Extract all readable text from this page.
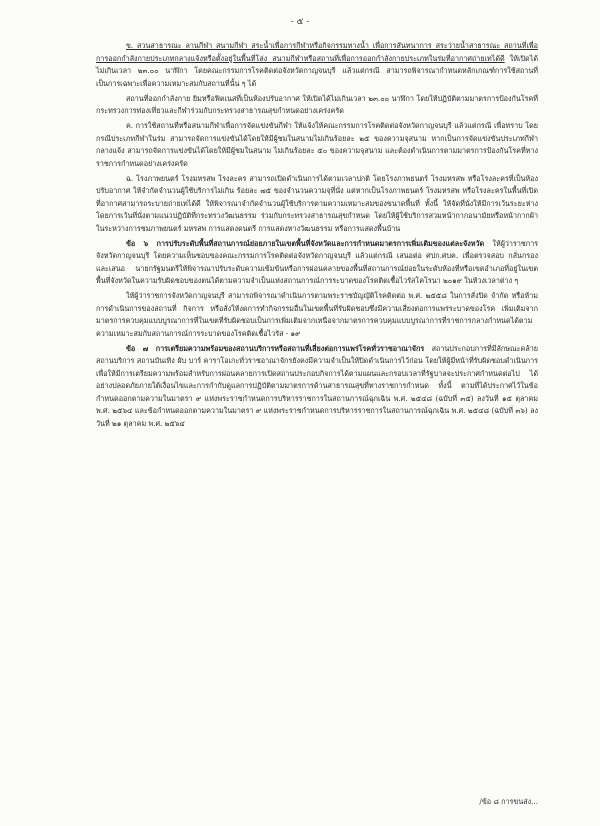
- ๕ -

ข. สวนสาธารณะ ลานกีฬา สนามกีฬา สระน้ำเพื่อการกีฬาหรือกิจกรรมทางน้ำ เพื่อการสันทนาการ สระว่ายน้ำสาธารณะ สถานที่เพื่อการออกกำลังกายประเภทกลางแจ้งหรือตั้งอยู่ในพื้นที่โล่ง สนามกีฬาหรือสถานที่เพื่อการออกกำลังกายประเภทในร่มที่อากาศถ่ายเทได้ดี ให้เปิดได้ไม่เกินเวลา ๒๓.๐๐ นาฬิกา โดยคณะกรรมการโรคติดต่อจังหวัดกาญจนบุรี แล้วแต่กรณี สามารถพิจารณากำหนดหลักเกณฑ์การใช้สถานที่เป็นการเฉพาะเพื่อความเหมาะสมกับสถานที่นั้น ๆ ได้

สถานที่ออกกำลังกาย ยิมหรือฟิตเนสที่เป็นห้องปรับอากาศ ให้เปิดได้ไม่เกินเวลา ๒๓.๐๐ นาฬิกา โดยให้ปฏิบัติตามมาตรการป้องกันโรคที่กระทรวงการท่องเที่ยวและกีฬาร่วมกับกระทรวงสาธารณสุขกำหนดอย่างเคร่งครัด

ค. การใช้สถานที่หรือสนามกีฬาเพื่อการจัดแข่งขันกีฬา ให้แจ้งให้คณะกรรมการโรคติดต่อจังหวัดกาญจนบุรี แล้วแต่กรณี เพื่อทราบ โดยกรณีประเภทกีฬาในร่ม สามารถจัดการแข่งขันได้โดยให้มีผู้ชมในสนามไม่เกินร้อยละ ๒๕ ของความจุสนาม หากเป็นการจัดแข่งขันประเภทกีฬากลางแจ้ง สามารถจัดการแข่งขันได้โดยให้มีผู้ชมในสนาม ไม่เกินร้อยละ ๕๐ ของความจุสนาม และต้องดำเนินการตามมาตรการป้องกันโรคที่ทางราชการกำหนดอย่างเคร่งครัด

ฉ. โรงภาพยนตร์ โรงมหรสพ โรงละคร สามารถเปิดดำเนินการได้ตามเวลาปกติ โดยโรงภาพยนตร์ โรงมหรสพ หรือโรงละครที่เป็นห้องปรับอากาศ ให้จำกัดจำนวนผู้ใช้บริการไม่เกิน ร้อยละ ๗๕ ของจำนวนความจุที่นั่ง แต่หากเป็นโรงภาพยนตร์ โรงมหรสพ หรือโรงละครในพื้นที่เปิดที่อากาศสามารถระบายถ่ายเทได้ดี ให้พิจารณาจำกัดจำนวนผู้ใช้บริการตามความเหมาะสมของขนาดพื้นที่ ทั้งนี้ ให้จัดที่นั่งให้มีการเว้นระยะห่างโดยการเว้นที่นั่งตามแนวปฏิบัติที่กระทรวงวัฒนธรรม ร่วมกับกระทรวงสาธารณสุขกำหนด โดยให้ผู้ใช้บริการสวมหน้ากากอนามัยหรือหน้ากากผ้าในระหว่างการชมภาพยนตร์ มหรสพ การแสดงดนตรี การแสดงทางวัฒนธรรม หรือการแสดงพื้นบ้าน

ข้อ ๖ การปรับระดับพื้นที่สถานการณ์ย่อยภายในเขตพื้นที่จังหวัดและการกำหนดมาตรการเพิ่มเติมของแต่ละจังหวัด ให้ผู้ว่าราชการจังหวัดกาญจนบุรี โดยความเห็นชอบของคณะกรรมการโรคติดต่อจังหวัดกาญจนบุรี แล้วแต่กรณี เสนอต่อ ศปก.ศบค. เพื่อตรวจสอบ กลั่นกรอง และเสนอ นายกรัฐมนตรีให้พิจารณาปรับระดับความเข้มข้นหรือการผ่อนคลายของพื้นที่สถานการณ์ย่อยในระดับห้องที่หรือเขตอำเภอที่อยู่ในเขตพื้นที่จังหวัดในความรับผิดชอบของตนได้ตามความจำเป็นแห่งสถานการณ์การระบาดของโรคติดเชื้อไวรัสโคโรนา ๒๐๑๙ ในห้วงเวลาต่าง ๆ

ให้ผู้ว่าราชการจังหวัดกาญจนบุรี สามารถพิจารณาดำเนินการตามพระราชบัญญัติโรคติดต่อ พ.ศ. ๒๕๕๘ ในการสั่งปิด จำกัด หรือห้ามการดำเนินการของสถานที่ กิจการ หรือสั่งให้งดการทำกิจกรรมอื่นในเขตพื้นที่รับผิดชอบซึ่งมีความเสี่ยงต่อการแพร่ระบาดของโรค เพิ่มเติมจากมาตรการควบคุมแบบบูรณาการที่ในเขตที่รับผิดชอบเป็นการเพิ่มเติมจากเหนือจากมาตรการควบคุมแบบบูรณาการที่ราชการกลางกำหนดได้ตามความเหมาะสมกับสถานการณ์การระบาดของโรคติดเชื้อไวรัส - ๑๙

ข้อ ๗ การเตรียมความพร้อมของสถานบริการหรือสถานที่เสี่ยงต่อการแพร่โรคทั่วราชอาณาจักร สถานประกอบการที่มีลักษณะคล้ายสถานบริการ สถานบันเทิง ผับ บาร์ คาราโอเกะทั่วราชอาณาจักรยังคงมีความจำเป็นให้ปิดดำเนินการไว้ก่อน โดยให้ผู้มีหน้าที่รับผิดชอบดำเนินการ เพื่อให้มีการเตรียมความพร้อมสำหรับการผ่อนคลายการเปิดสถานประกอบกิจการได้ตามแผนและกรอบเวลาที่รัฐบาลจะประกาศกำหนดต่อไป ได้อย่างปลอดภัยภายใต้เงื่อนไขและการกำกับดูแลการปฏิบัติตามมาตรการด้านสาธารณสุขที่ทางราชการกำหนด ทั้งนี้ ตามที่ได้ประกาศไว้ในข้อกำหนดออกตามความในมาตรา ๙ แห่งพระราชกำหนดการบริหารราชการในสถานการณ์ฉุกเฉิน พ.ศ. ๒๕๔๘ (ฉบับที่ ๓๕) ลงวันที่ ๑๕ ตุลาคม พ.ศ. ๒๕๖๔ และข้อกำหนดออกตามความในมาตรา ๙ แห่งพระราชกำหนดการบริหารราชการในสถานการณ์ฉุกเฉิน พ.ศ. ๒๕๔๘ (ฉบับที่ ๓๖) ลงวันที่ ๒๑ ตุลาคม พ.ศ. ๒๕๖๔

/ข้อ ๘ การขนส่ง...
